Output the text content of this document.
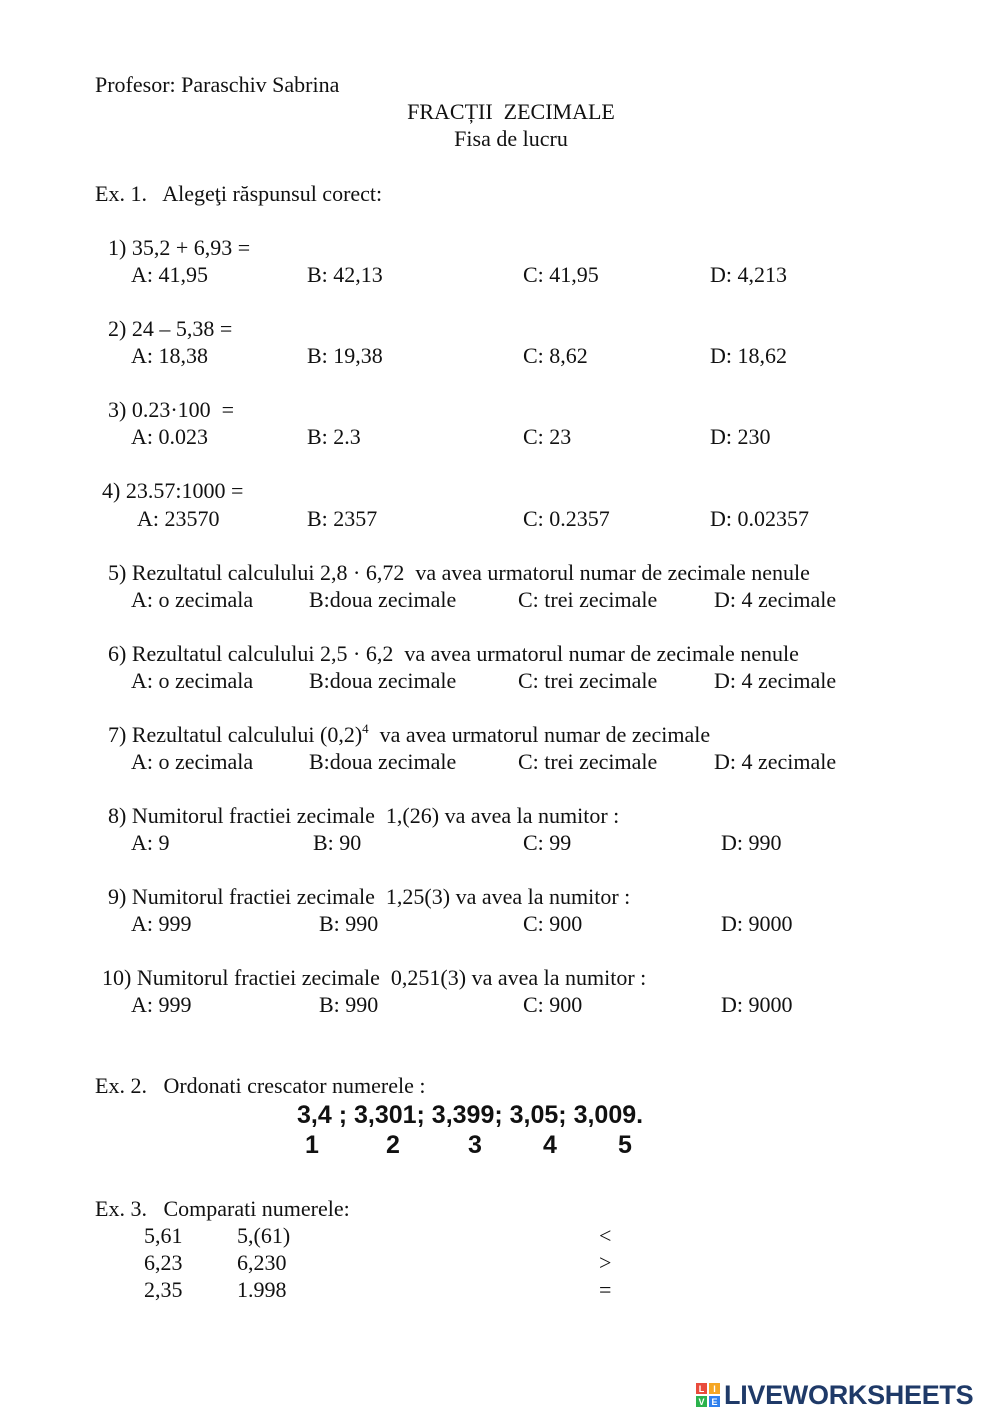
Profesor: Paraschiv Sabrina
FRACȚII  ZECIMALE
Fisa de lucru
Ex. 1.   Alegeţi răspunsul corect:
1) 35,2 + 6,93 =
A: 41,95	B: 42,13	C: 41,95	D: 4,213
2) 24 – 5,38 =
A: 18,38	B: 19,38	C: 8,62	D: 18,62
3) 0.23·100  =
A: 0.023	B: 2.3	C: 23	D: 230
4) 23.57:1000 =
A: 23570	B: 2357	C: 0.2357	D: 0.02357
5) Rezultatul calculului 2,8 · 6,72  va avea urmatorul numar de zecimale nenule
A: o zecimala	B:doua zecimale	C: trei zecimale	D: 4 zecimale
6) Rezultatul calculului 2,5 · 6,2  va avea urmatorul numar de zecimale nenule
A: o zecimala	B:doua zecimale	C: trei zecimale	D: 4 zecimale
7) Rezultatul calculului $(0,2)^4$  va avea urmatorul numar de zecimale
A: o zecimala	B:doua zecimale	C: trei zecimale	D: 4 zecimale
8) Numitorul fractiei zecimale  1,(26) va avea la numitor :
A: 9	B: 90	C: 99	D: 990
9) Numitorul fractiei zecimale  1,25(3) va avea la numitor :
A: 999	B: 990	C: 900	D: 9000
10) Numitorul fractiei zecimale  0,251(3) va avea la numitor :
A: 999	B: 990	C: 900	D: 9000
Ex. 2.   Ordonati crescator numerele :
3,4 ; 3,301; 3,399; 3,05; 3,009.
1	2	3 4 5
Ex. 3.   Comparati numerele:
5,61 5,(61)	<
6,23 6,230	>
2,35 1.998	=
L I
V E LIVEWORKSHEETS
